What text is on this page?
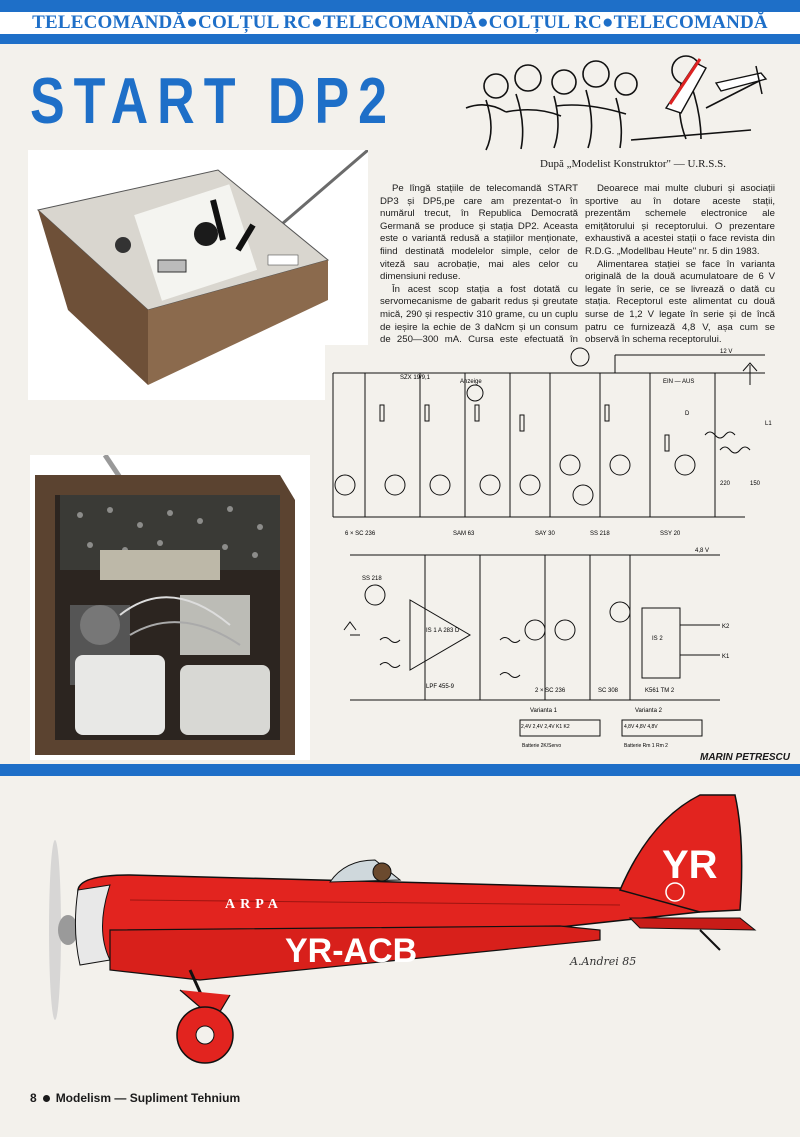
TELECOMANDĂ●COLȚUL RC●TELECOMANDĂ●COLȚUL RC●TELECOMANDĂ
START DP2
După „Modelist Konstruktor" — U.R.S.S.

Pe lîngă stațiile de telecomandă START DP3 și DP5,pe care am prezentat-o în numărul trecut, în Republica Democrată Germană se produce și stația DP2. Aceasta este o variantă redusă a stațiilor menționate, fiind destinată modelelor simple, celor de viteză sau acrobație, mai ales celor cu dimensiuni reduse.

În acest scop stația a fost dotată cu servomecanisme de gabarit redus și greutate mică, 290 și respectiv 310 grame, cu un cuplu de ieșire la echie de 3 daNcm și un consum de 250—300 mA. Cursa este efectuată în

Deoarece mai multe cluburi și asociații sportive au în dotare aceste stații, prezentăm schemele electronice ale emițătorului și receptorului. O prezentare exhaustivă a acestei stații o face revista din R.D.G. „Modellbau Heute" nr. 5 din 1983.

Alimentarea stației se face în varianta originală de la două acumulatoare de 6 V legate în serie, ce se livrează o dată cu stația. Receptorul este alimentat cu două surse de 1,2 V legate în serie și de încă patru ce furnizează 4,8 V, așa cum se observă în schema receptorului.

12 V
EIN — AUS
SZX 19/9,1
Anzeige
6 × SC 236	SAM 63	SAY 30	SS 218	SSY 20
220	150
D
L1
4,8 V
IS 1 A 283 D
IS 2
2 × SC 236	SC 308	K561 TM 2
SS 218
LPF 455-9
K1
K2
Varianta 1	Varianta 2
2,4V 2,4V 2,4V K1 K2	4,8V 4,8V 4,8V
Batterie 2K/Servo	Batterie Rm 1 Rm 2
MARIN PETRESCU
YR
ARPA
YR-ACB	A.Andrei 85
8 Modelism — Supliment Tehnium
